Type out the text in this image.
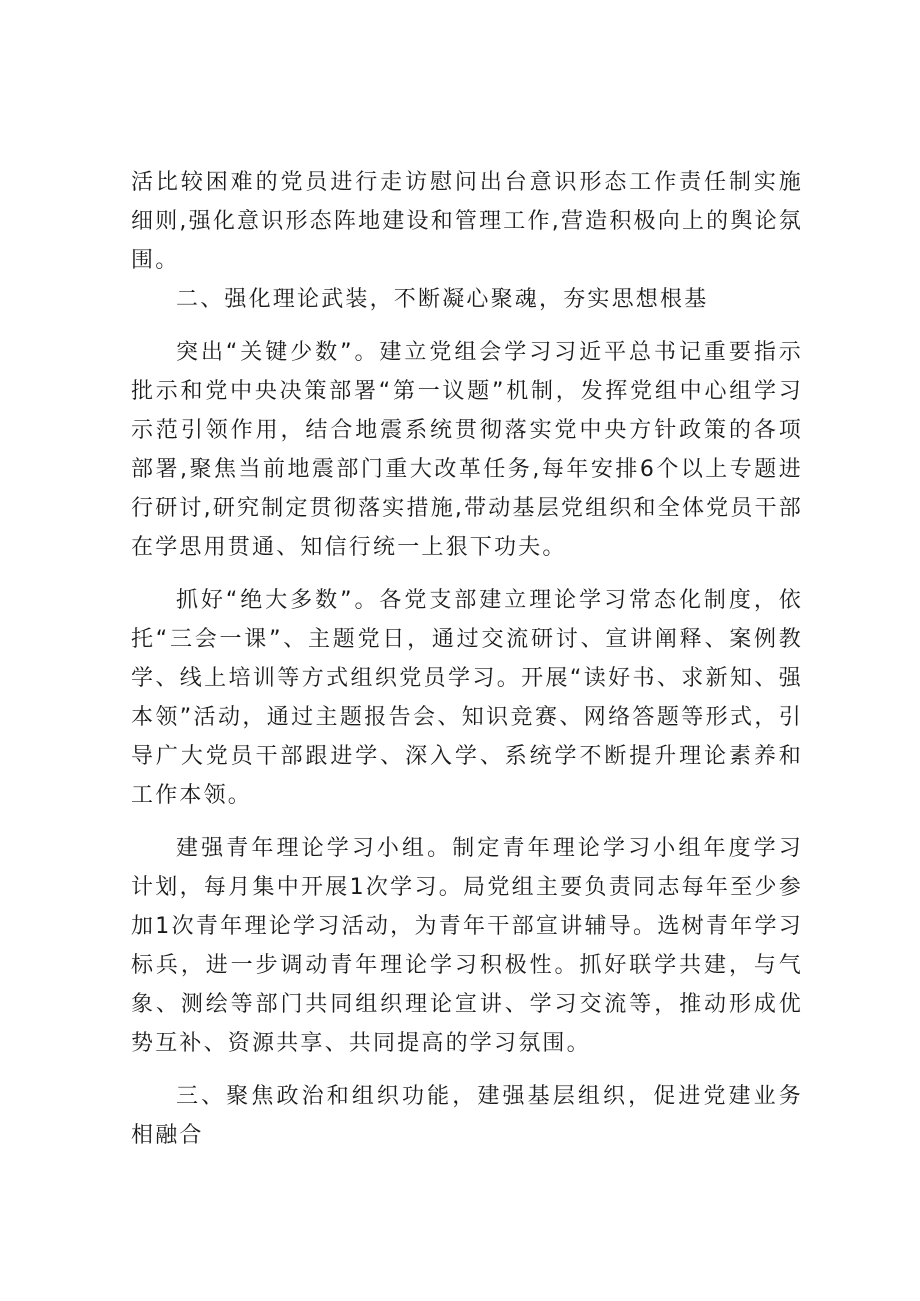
活比较困难的党员进行走访慰问出台意识形态工作责任制实施细则,强化意识形态阵地建设和管理工作,营造积极向上的舆论氛围。

二、强化理论武装，不断凝心聚魂，夯实思想根基

突出“关键少数”。建立党组会学习习近平总书记重要指示批示和党中央决策部署“第一议题”机制，发挥党组中心组学习示范引领作用，结合地震系统贯彻落实党中央方针政策的各项部署,聚焦当前地震部门重大改革任务,每年安排6个以上专题进行研讨,研究制定贯彻落实措施,带动基层党组织和全体党员干部在学思用贯通、知信行统一上狠下功夫。

抓好“绝大多数”。各党支部建立理论学习常态化制度，依托“三会一课”、主题党日，通过交流研讨、宣讲阐释、案例教学、线上培训等方式组织党员学习。开展“读好书、求新知、强本领”活动，通过主题报告会、知识竞赛、网络答题等形式，引导广大党员干部跟进学、深入学、系统学不断提升理论素养和工作本领。

建强青年理论学习小组。制定青年理论学习小组年度学习计划，每月集中开展1次学习。局党组主要负责同志每年至少参加1次青年理论学习活动，为青年干部宣讲辅导。选树青年学习标兵，进一步调动青年理论学习积极性。抓好联学共建，与气象、测绘等部门共同组织理论宣讲、学习交流等，推动形成优势互补、资源共享、共同提高的学习氛围。

三、聚焦政治和组织功能，建强基层组织，促进党建业务相融合
